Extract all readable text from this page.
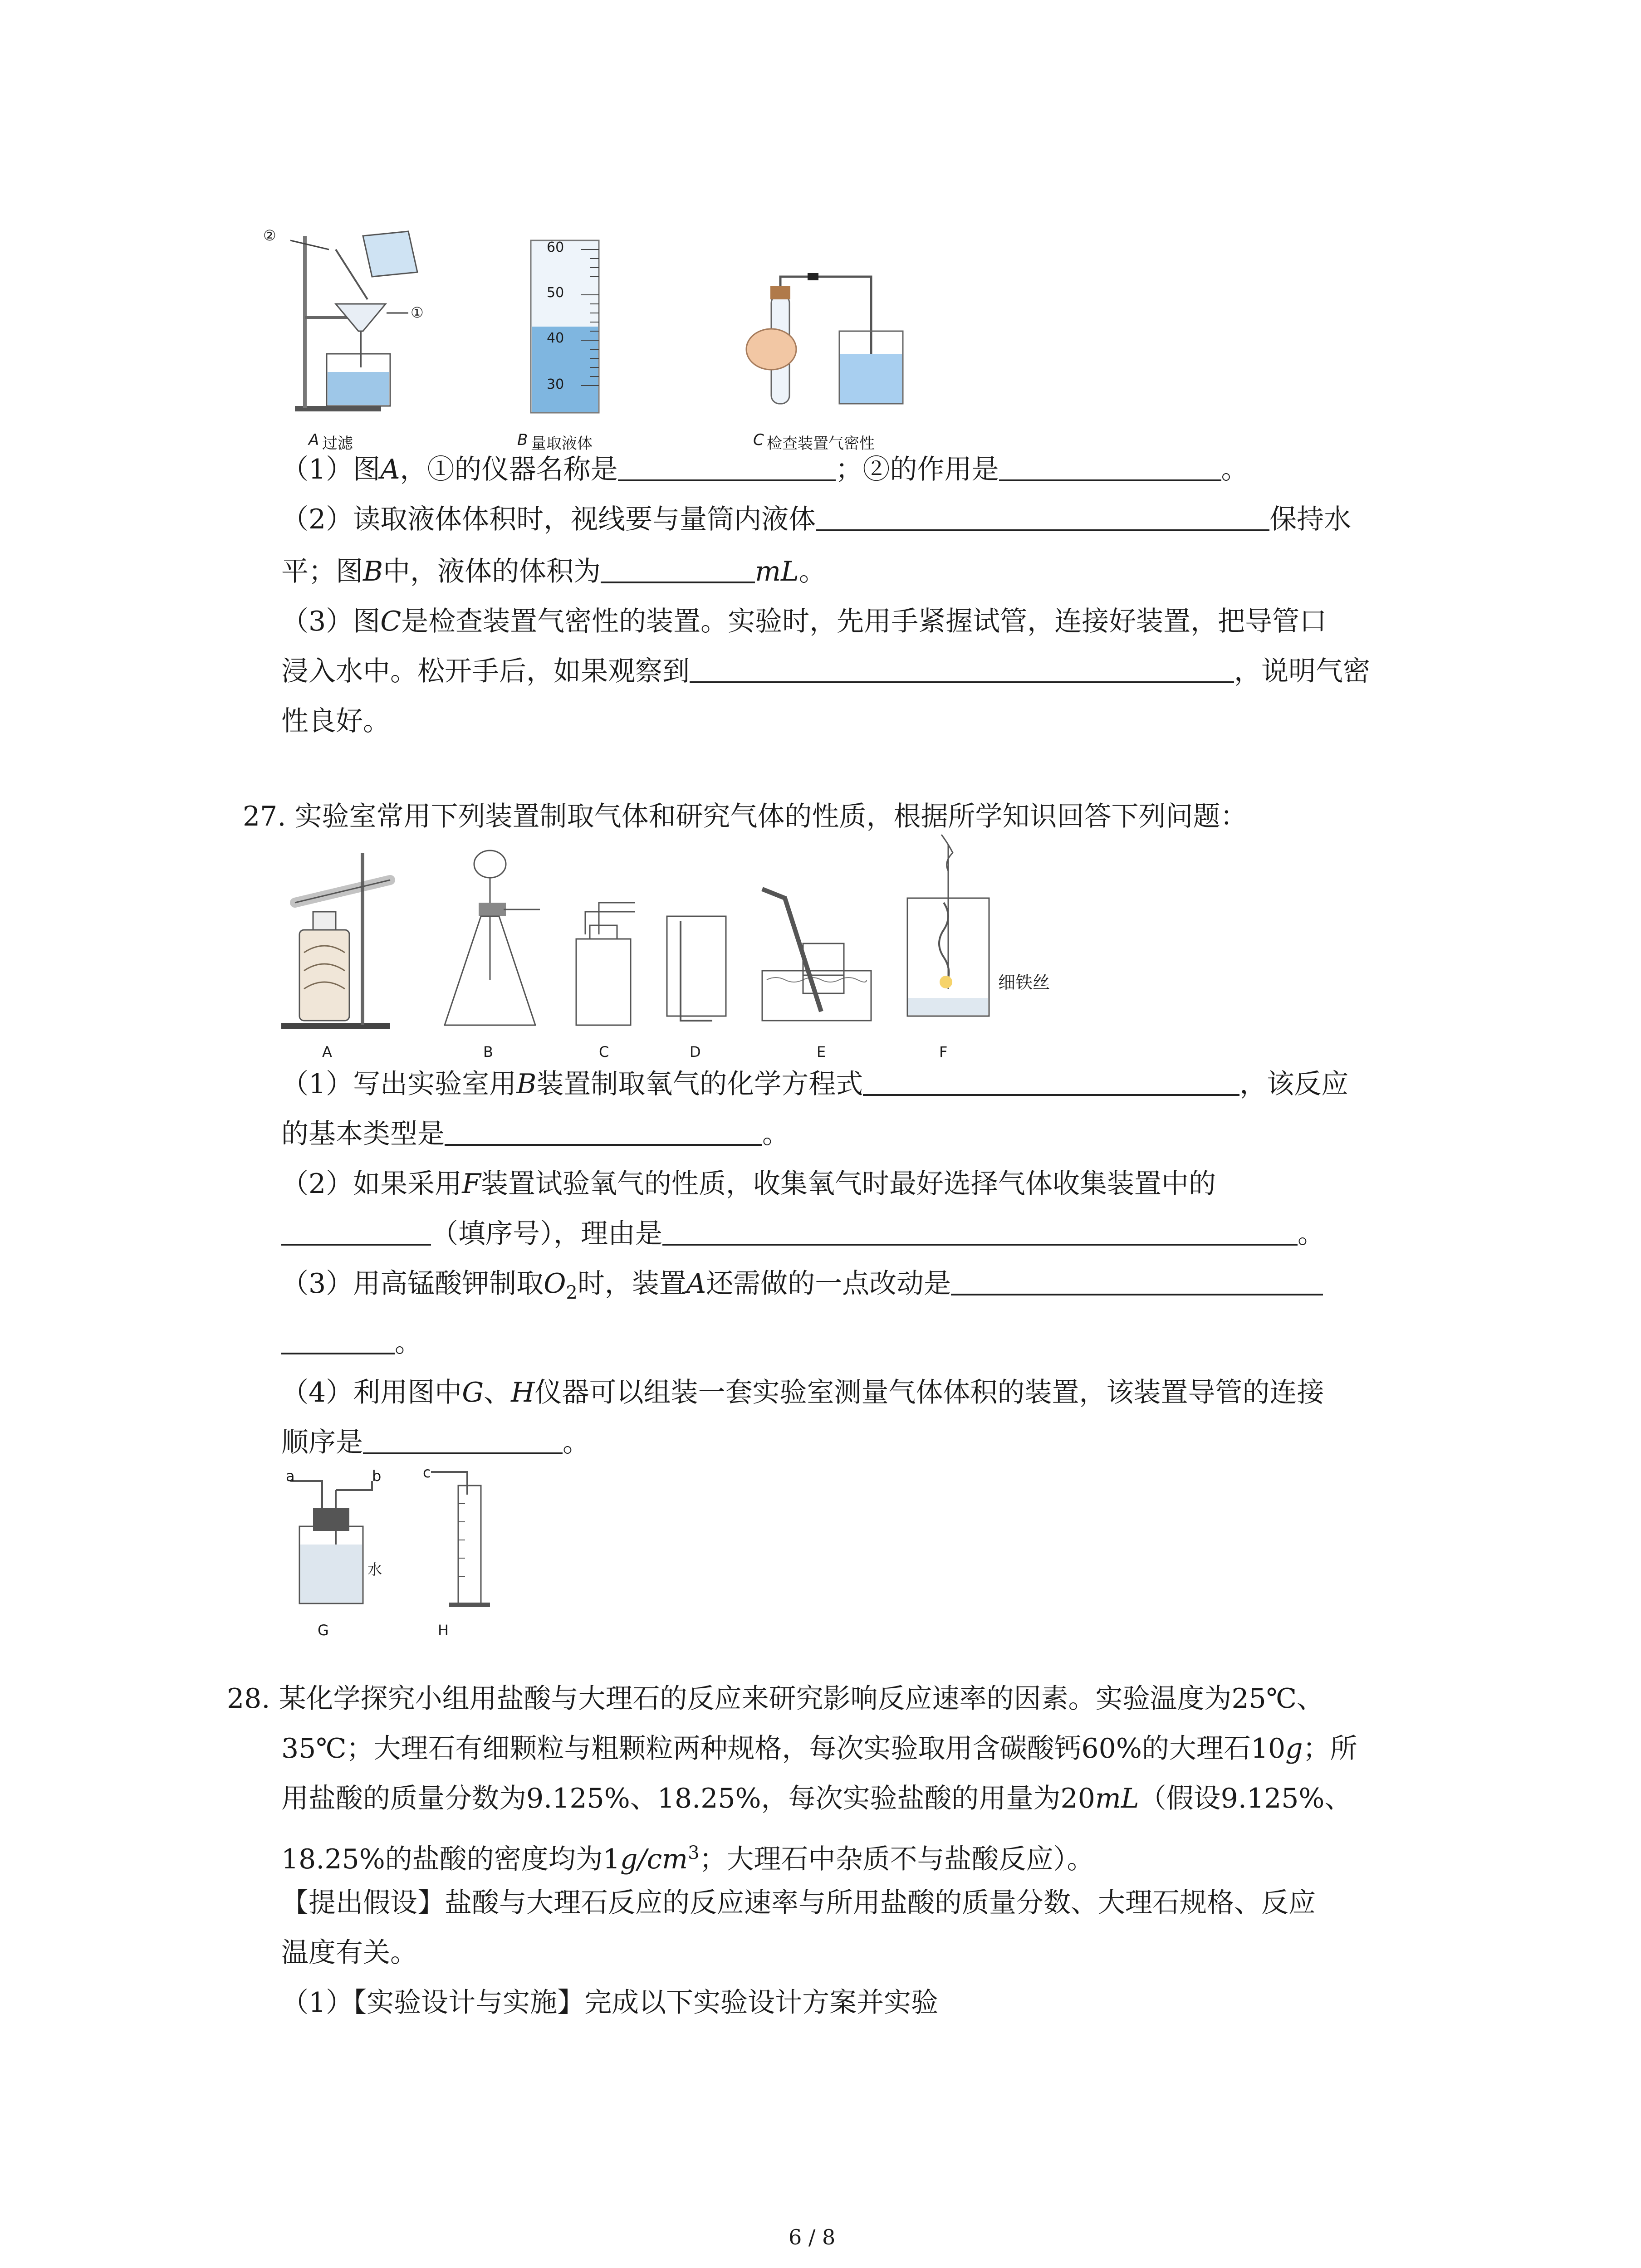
②
①
60
50
40
30
A 过滤	B 量取液体	C 检查装置气密性
（1）图A，①的仪器名称是	；②的作用是	。
（2）读取液体体积时，视线要与量筒内液体	保持水
平；图B中，液体的体积为	mL。
（3）图C是检查装置气密性的装置。实验时，先用手紧握试管，连接好装置，把导管口
浸入水中。松开手后，如果观察到	，说明气密
性良好。
27. 实验室常用下列装置制取气体和研究气体的性质，根据所学知识回答下列问题：
细铁丝
A	B	C	D	E	F
（1）写出实验室用B装置制取氧气的化学方程式	，该反应
的基本类型是	。
（2）如果采用F装置试验氧气的性质，收集氧气时最好选择气体收集装置中的
（填序号），理由是	。
（3）用高锰酸钾制取$O_2$时，装置A还需做的一点改动是
。
（4）利用图中G、H仪器可以组装一套实验室测量气体体积的装置，该装置导管的连接
顺序是	。
a	b
水
c
G	H
28. 某化学探究小组用盐酸与大理石的反应来研究影响反应速率的因素。实验温度为25℃、
35℃；大理石有细颗粒与粗颗粒两种规格，每次实验取用含碳酸钙60%的大理石10g；所
用盐酸的质量分数为9.125%、18.25%，每次实验盐酸的用量为20mL（假设9.125%、
18.25%的盐酸的密度均为$1g/cm^3$；大理石中杂质不与盐酸反应）。
【提出假设】盐酸与大理石反应的反应速率与所用盐酸的质量分数、大理石规格、反应
温度有关。
（1）【实验设计与实施】完成以下实验设计方案并实验
6 / 8
